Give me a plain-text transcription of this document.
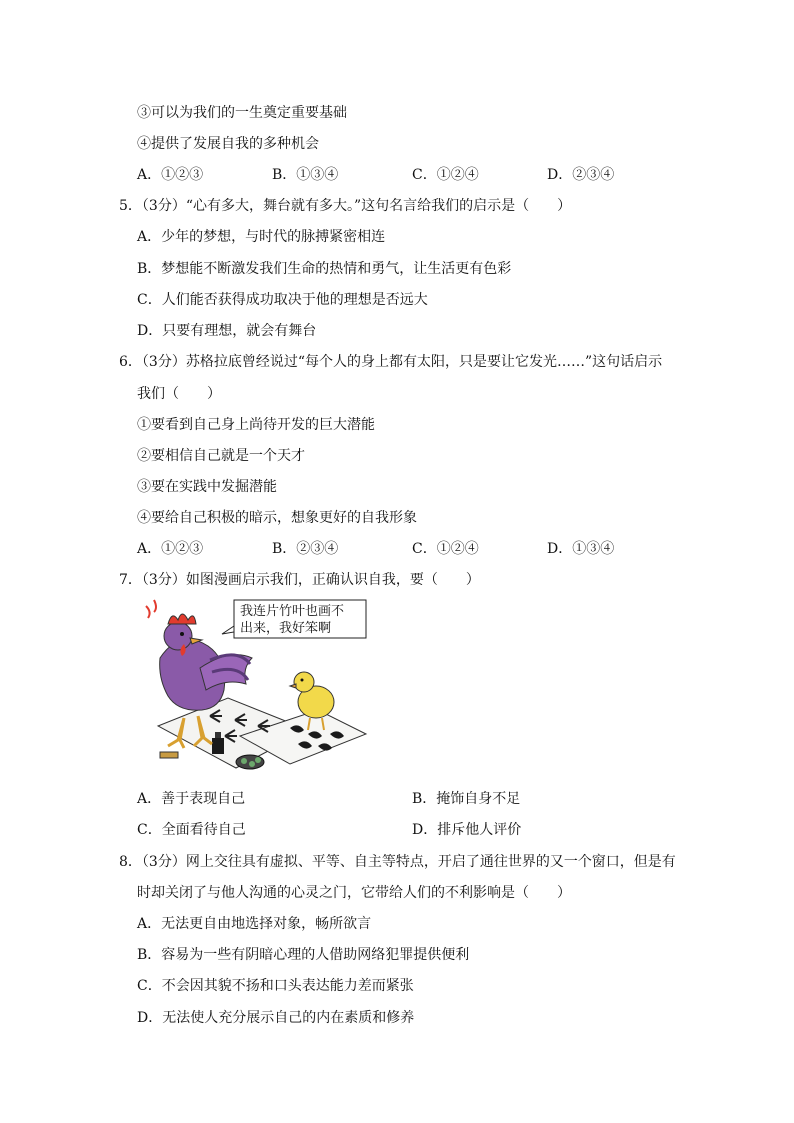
③可以为我们的一生奠定重要基础
④提供了发展自我的多种机会
A．①②③	B．①③④	C．①②④	D．②③④
5．（3分）“心有多大，舞台就有多大。”这句名言给我们的启示是（　　）
A．少年的梦想，与时代的脉搏紧密相连
B．梦想能不断激发我们生命的热情和勇气，让生活更有色彩
C．人们能否获得成功取决于他的理想是否远大
D．只要有理想，就会有舞台
6．（3分）苏格拉底曾经说过“每个人的身上都有太阳，只是要让它发光……”这句话启示
我们（　　）
①要看到自己身上尚待开发的巨大潜能
②要相信自己就是一个天才
③要在实践中发掘潜能
④要给自己积极的暗示，想象更好的自我形象
A．①②③	B．②③④	C．①②④	D．①③④
7．（3分）如图漫画启示我们，正确认识自我，要（　　）
我连片竹叶也画不
出来，我好笨啊
A．善于表现自己	B．掩饰自身不足
C．全面看待自己	D．排斥他人评价
8．（3分）网上交往具有虚拟、平等、自主等特点，开启了通往世界的又一个窗口，但是有
时却关闭了与他人沟通的心灵之门，它带给人们的不利影响是（　　）
A．无法更自由地选择对象，畅所欲言
B．容易为一些有阴暗心理的人借助网络犯罪提供便利
C．不会因其貌不扬和口头表达能力差而紧张
D．无法使人充分展示自己的内在素质和修养
